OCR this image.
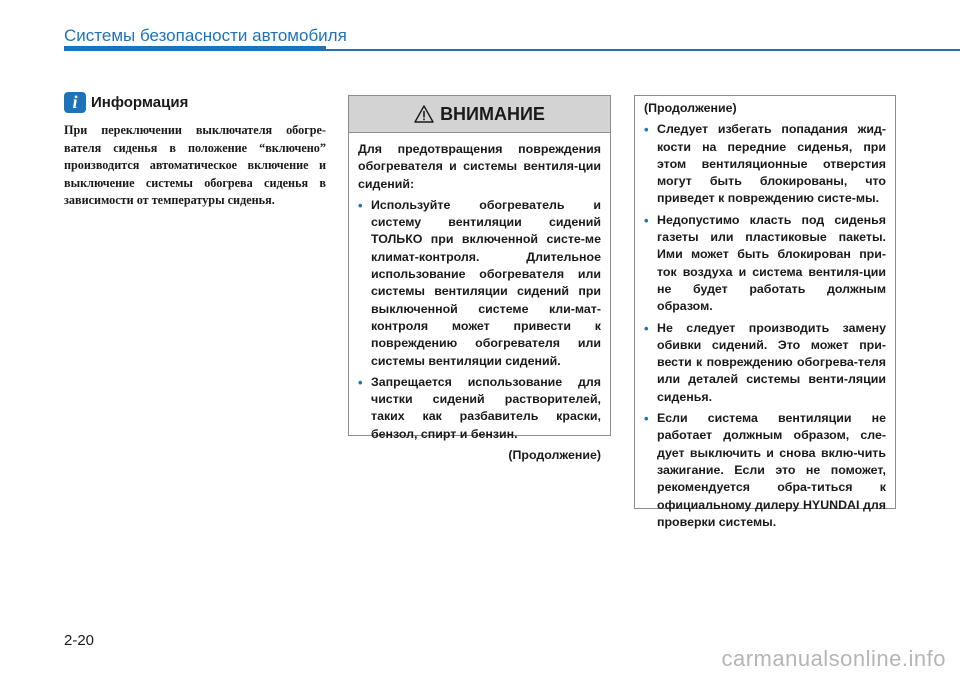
Системы безопасности автомобиля
i Информация
При переключении выключателя обогре-вателя сиденья в положение “включено” производится автоматическое включение и выключение системы обогрева сиденья в зависимости от температуры сиденья.
ВНИМАНИЕ
Для предотвращения повреждения обогревателя и системы вентиля-ции сидений:
• Используйте обогреватель и систему вентиляции сидений ТОЛЬКО при включенной систе-ме климат-контроля. Длительное использование обогревателя или системы вентиляции сидений при выключенной системе кли-мат-контроля может привести к повреждению обогревателя или системы вентиляции сидений.
• Запрещается использование для чистки сидений растворителей, таких как разбавитель краски, бензол, спирт и бензин.
(Продолжение)
(Продолжение)
• Следует избегать попадания жид-кости на передние сиденья, при этом вентиляционные отверстия могут быть блокированы, что приведет к повреждению систе-мы.
• Недопустимо класть под сиденья газеты или пластиковые пакеты. Ими может быть блокирован при-ток воздуха и система вентиля-ции не будет работать должным образом.
• Не следует производить замену обивки сидений. Это может при-вести к повреждению обогрева-теля или деталей системы венти-ляции сиденья.
• Если система вентиляции не работает должным образом, сле-дует выключить и снова вклю-чить зажигание. Если это не поможет, рекомендуется обра-титься к официальному дилеру HYUNDAI для проверки системы.
2-20
carmanualsonline.info
